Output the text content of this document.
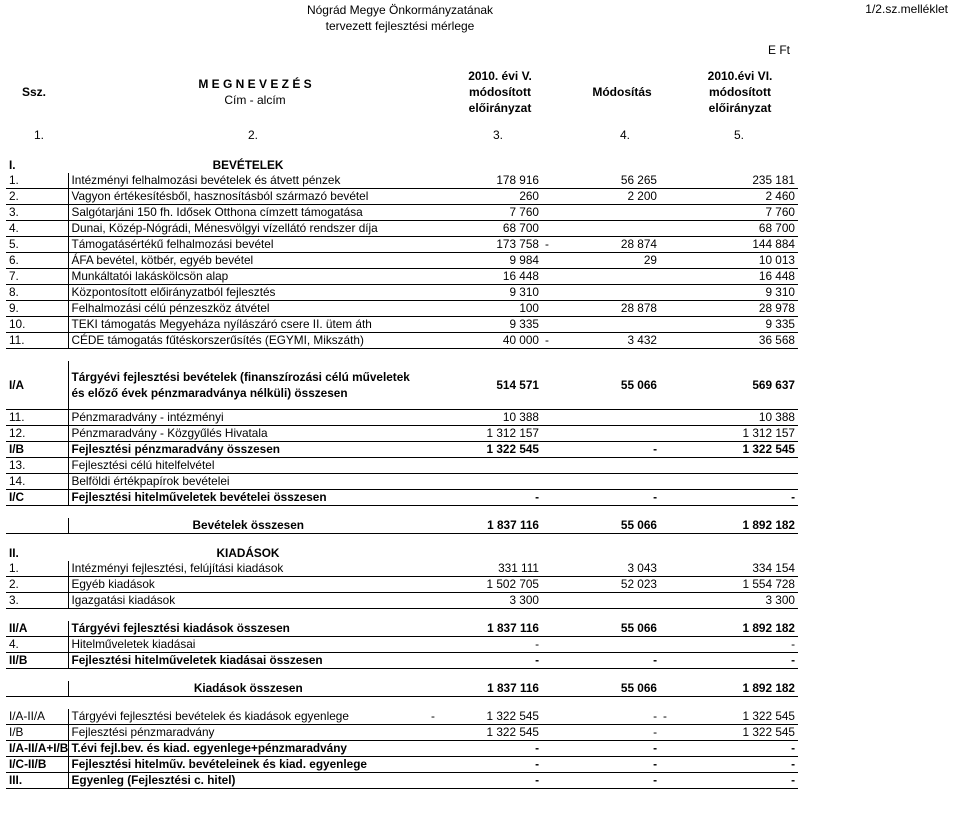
Nógrád Megye Önkormányzatának
tervezett fejlesztési mérlege
1/2.sz.melléklet
E Ft
Ssz.
M E G N E V E Z É S
Cím - alcím
2010. évi V.
módosított
előirányzat
Módosítás
2010.évi VI.
módosított
előirányzat
1.	2.	3.	4.	5.
I.	BEVÉTELEK							
1.	Intézményi felhalmozási bevételek és átvett pénzek		178 916		56 265			235 181
2.	Vagyon értékesítésből, hasznosításból származó bevétel		260		2 200			2 460
3.	Salgótarjáni 150 fh. Idősek Otthona címzett támogatása		7 760					7 760
4.	Dunai, Közép-Nógrádi, Ménesvölgyi vízellátó rendszer díja		68 700					68 700
5.	Támogatásértékű felhalmozási bevétel		173 758	-	28 874			144 884
6.	ÁFA bevétel, kötbér, egyéb bevétel		9 984		29			10 013
7.	Munkáltatói lakáskölcsön alap		16 448					16 448
8.	Központosított előirányzatból fejlesztés		9 310					9 310
9.	Felhalmozási célú pénzeszköz átvétel		100		28 878			28 978
10.	TEKI támogatás Megyeháza nyílászáró csere II. ütem áth		9 335					9 335
11.	CÉDE támogatás fűtéskorszerűsítés (EGYMI, Mikszáth)		40 000	-	3 432			36 568

I/A	Tárgyévi fejlesztési bevételek (finanszírozási célú műveletek és előző évek pénzmaradványa nélküli) összesen		514 571		55 066			569 637
11.	Pénzmaradvány - intézményi		10 388					10 388
12.	Pénzmaradvány - Közgyűlés Hivatala		1 312 157					1 312 157
I/B	Fejlesztési pénzmaradvány összesen		1 322 545		-			1 322 545
13.	Fejlesztési célú hitelfelvétel							
14.	Belföldi értékpapírok bevételei							
I/C	Fejlesztési hitelműveletek bevételei összesen		-		-			-

	Bevételek összesen		1 837 116		55 066			1 892 182

II.	KIADÁSOK							
1.	Intézményi fejlesztési, felújítási kiadások		331 111		3 043			334 154
2.	Egyéb kiadások		1 502 705		52 023			1 554 728
3.	Igazgatási kiadások		3 300					3 300

II/A	Tárgyévi fejlesztési kiadások összesen		1 837 116		55 066			1 892 182
4.	Hitelműveletek kiadásai		-					-
II/B	Fejlesztési hitelműveletek kiadásai összesen		-		-			-

	Kiadások összesen		1 837 116		55 066			1 892 182

I/A-II/A	Tárgyévi fejlesztési bevételek és kiadások egyenlege	-	1 322 545		-	-		1 322 545
I/B	Fejlesztési pénzmaradvány		1 322 545		-			1 322 545
I/A-II/A+I/B	T.évi fejl.bev. és kiad. egyenlege+pénzmaradvány		-		-			-
I/C-II/B	Fejlesztési hitelműv. bevételeinek és kiad. egyenlege		-		-			-
III.	Egyenleg (Fejlesztési c. hitel)		-		-			-
